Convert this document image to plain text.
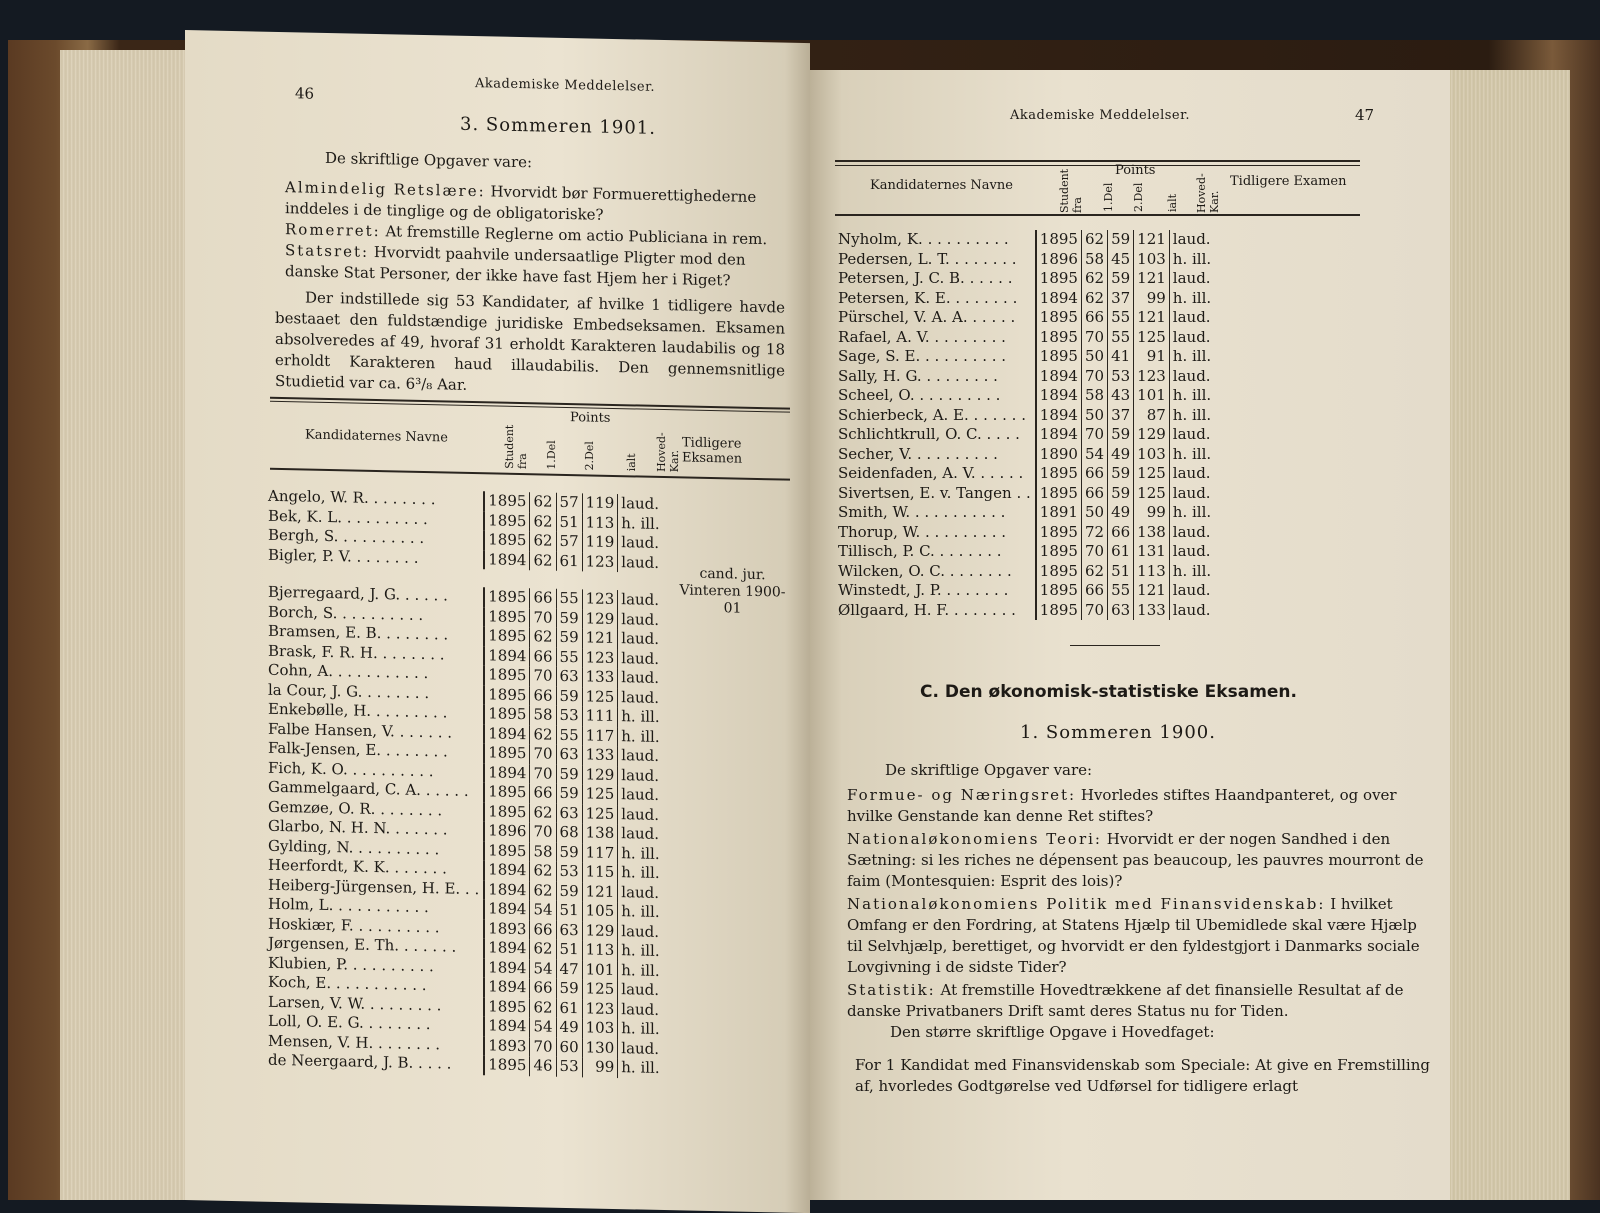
46	Akademiske Meddelelser.
3. Sommeren 1901.
De skriftlige Opgaver vare:
Almindelig Retslære: Hvorvidt bør Formuerettighederne inddeles i de tinglige og de obligatoriske?
Romerret: At fremstille Reglerne om actio Publiciana in rem.
Statsret: Hvorvidt paahvile undersaatlige Pligter mod den danske Stat Personer, der ikke have fast Hjem her i Riget?
Der indstillede sig 53 Kandidater, af hvilke 1 tidligere havde bestaaet den fuldstændige juridiske Embedseksamen. Eksamen absolveredes af 49, hvoraf 31 erholdt Karakteren laudabilis og 18 erholdt Karakteren haud illaudabilis. Den gennemsnitlige Studietid var ca. 6³/₈ Aar.
Kandidaternes Navne	Student fra
Points
1.Del 2.Del	ialt Hoved-Kar.
Tidligere Eksamen
Angelo, W. R. . . . . . . .	1895	62	57	119	laud.
Bek, K. L. . . . . . . . . .	1895	62	51	113	h. ill.
Bergh, S. . . . . . . . . .	1895	62	57	119	laud.
Bigler, P. V. . . . . . . .	1894	62	61	123	laud.

Bjerregaard, J. G. . . . . .	1895	66	55	123	laud.
Borch, S. . . . . . . . . .	1895	70	59	129	laud.
Bramsen, E. B. . . . . . . .	1895	62	59	121	laud.
Brask, F. R. H. . . . . . . .	1894	66	55	123	laud.
Cohn, A. . . . . . . . . . .	1895	70	63	133	laud.
la Cour, J. G. . . . . . . .	1895	66	59	125	laud.
Enkebølle, H. . . . . . . . .	1895	58	53	111	h. ill.
Falbe Hansen, V. . . . . . .	1894	62	55	117	h. ill.
Falk-Jensen, E. . . . . . . .	1895	70	63	133	laud.
Fich, K. O. . . . . . . . . .	1894	70	59	129	laud.
Gammelgaard, C. A. . . . . .	1895	66	59	125	laud.
Gemzøe, O. R. . . . . . . .	1895	62	63	125	laud.
Glarbo, N. H. N. . . . . . .	1896	70	68	138	laud.
Gylding, N. . . . . . . . . .	1895	58	59	117	h. ill.
Heerfordt, K. K. . . . . . .	1894	62	53	115	h. ill.
Heiberg-Jürgensen, H. E. . .	1894	62	59	121	laud.
Holm, L. . . . . . . . . . .	1894	54	51	105	h. ill.
Hoskiær, F. . . . . . . . . .	1893	66	63	129	laud.
Jørgensen, E. Th. . . . . . .	1894	62	51	113	h. ill.
Klubien, P. . . . . . . . . .	1894	54	47	101	h. ill.
Koch, E. . . . . . . . . . .	1894	66	59	125	laud.
Larsen, V. W. . . . . . . . .	1895	62	61	123	laud.
Loll, O. E. G. . . . . . . .	1894	54	49	103	h. ill.
Mensen, V. H. . . . . . . .	1893	70	60	130	laud.
de Neergaard, J. B. . . . .	1895	46	53	99	h. ill.
cand. jur. Vinteren 1900-01
Akademiske Meddelelser.	47
Kandidaternes Navne	Student fra
Points
1.Del 2.Del ialt Hoved-Kar.
Tidligere Examen
Nyholm, K. . . . . . . . . .	1895	62	59	121	laud.
Pedersen, L. T. . . . . . . .	1896	58	45	103	h. ill.
Petersen, J. C. B. . . . . .	1895	62	59	121	laud.
Petersen, K. E. . . . . . . .	1894	62	37	99	h. ill.
Pürschel, V. A. A. . . . . .	1895	66	55	121	laud.
Rafael, A. V. . . . . . . . .	1895	70	55	125	laud.
Sage, S. E. . . . . . . . . .	1895	50	41	91	h. ill.
Sally, H. G. . . . . . . . .	1894	70	53	123	laud.
Scheel, O. . . . . . . . . .	1894	58	43	101	h. ill.
Schierbeck, A. E. . . . . . .	1894	50	37	87	h. ill.
Schlichtkrull, O. C. . . . .	1894	70	59	129	laud.
Secher, V. . . . . . . . . .	1890	54	49	103	h. ill.
Seidenfaden, A. V. . . . . .	1895	66	59	125	laud.
Sivertsen, E. v. Tangen . .	1895	66	59	125	laud.
Smith, W. . . . . . . . . . .	1891	50	49	99	h. ill.
Thorup, W. . . . . . . . . .	1895	72	66	138	laud.
Tillisch, P. C. . . . . . . .	1895	70	61	131	laud.
Wilcken, O. C. . . . . . . .	1895	62	51	113	h. ill.
Winstedt, J. P. . . . . . . .	1895	66	55	121	laud.
Øllgaard, H. F. . . . . . . .	1895	70	63	133	laud.
C. Den økonomisk-statistiske Eksamen.
1. Sommeren 1900.
De skriftlige Opgaver vare:
Formue- og Næringsret: Hvorledes stiftes Haandpanteret, og over hvilke Genstande kan denne Ret stiftes?
Nationaløkonomiens Teori: Hvorvidt er der nogen Sandhed i den Sætning: si les riches ne dépensent pas beaucoup, les pauvres mourront de faim (Montesquien: Esprit des lois)?
Nationaløkonomiens Politik med Finansvidenskab: I hvilket Omfang er den Fordring, at Statens Hjælp til Ubemidlede skal være Hjælp til Selvhjælp, berettiget, og hvorvidt er den fyldestgjort i Danmarks sociale Lovgivning i de sidste Tider?
Statistik: At fremstille Hovedtrækkene af det finansielle Resultat af de danske Privatbaners Drift samt deres Status nu for Tiden.
Den større skriftlige Opgave i Hovedfaget:
For 1 Kandidat med Finansvidenskab som Speciale: At give en Fremstilling af, hvorledes Godtgørelse ved Udførsel for tidligere erlagt
